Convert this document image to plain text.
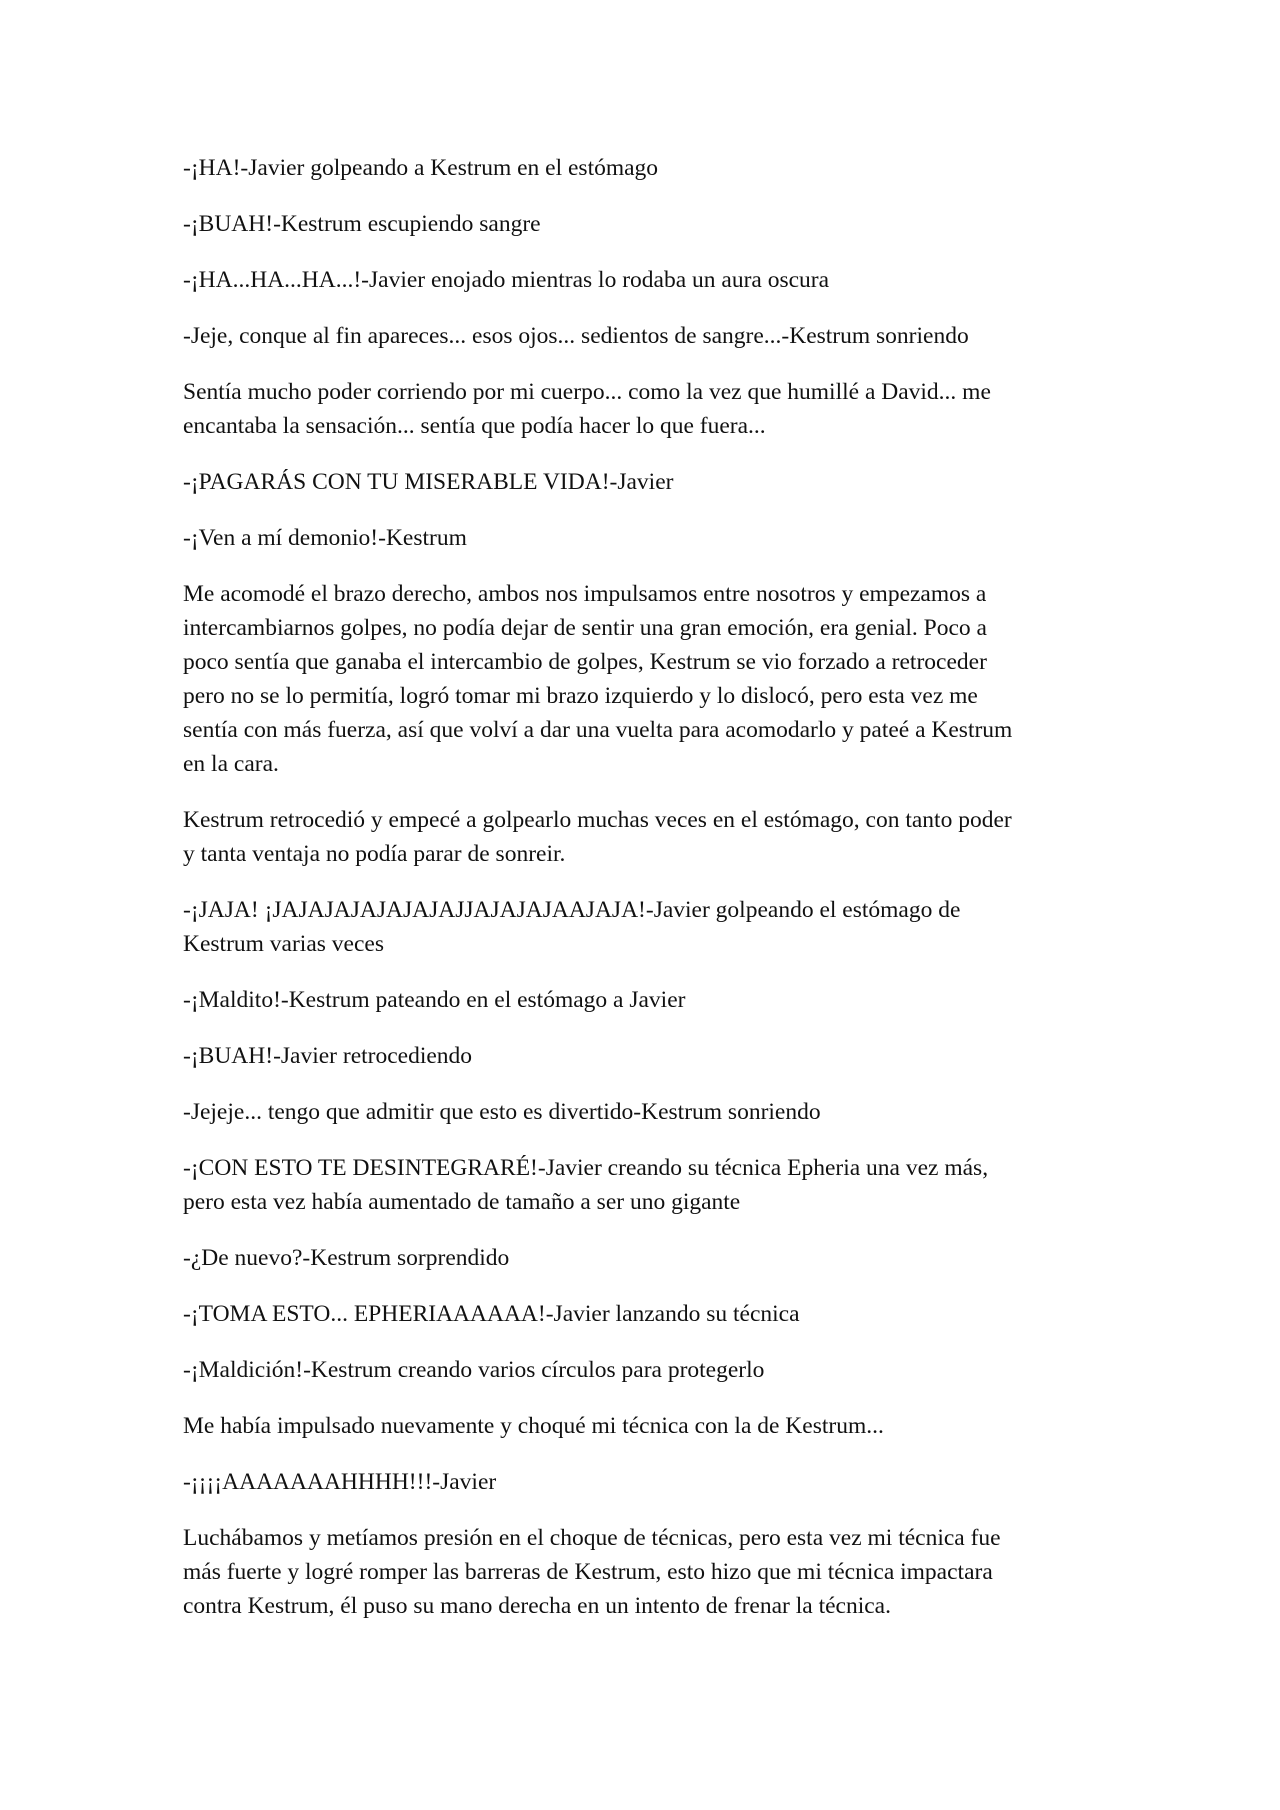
-¡HA!-Javier golpeando a Kestrum en el estómago
-¡BUAH!-Kestrum escupiendo sangre
-¡HA...HA...HA...!-Javier enojado mientras lo rodaba un aura oscura
-Jeje, conque al fin apareces... esos ojos... sedientos de sangre...-Kestrum sonriendo
Sentía mucho poder corriendo por mi cuerpo... como la vez que humillé a David... me
encantaba la sensación... sentía que podía hacer lo que fuera...
-¡PAGARÁS CON TU MISERABLE VIDA!-Javier
-¡Ven a mí demonio!-Kestrum
Me acomodé el brazo derecho, ambos nos impulsamos entre nosotros y empezamos a
intercambiarnos golpes, no podía dejar de sentir una gran emoción, era genial. Poco a
poco sentía que ganaba el intercambio de golpes, Kestrum se vio forzado a retroceder
pero no se lo permitía, logró tomar mi brazo izquierdo y lo dislocó, pero esta vez me
sentía con más fuerza, así que volví a dar una vuelta para acomodarlo y pateé a Kestrum
en la cara.
Kestrum retrocedió y empecé a golpearlo muchas veces en el estómago, con tanto poder
y tanta ventaja no podía parar de sonreir.
-¡JAJA! ¡JAJAJAJAJAJAJAJJAJAJAJAAJAJA!-Javier golpeando el estómago de
Kestrum varias veces
-¡Maldito!-Kestrum pateando en el estómago a Javier
-¡BUAH!-Javier retrocediendo
-Jejeje... tengo que admitir que esto es divertido-Kestrum sonriendo
-¡CON ESTO TE DESINTEGRARÉ!-Javier creando su técnica Epheria una vez más,
pero esta vez había aumentado de tamaño a ser uno gigante
-¿De nuevo?-Kestrum sorprendido
-¡TOMA ESTO... EPHERIAAAAAA!-Javier lanzando su técnica
-¡Maldición!-Kestrum creando varios círculos para protegerlo
Me había impulsado nuevamente y choqué mi técnica con la de Kestrum...
-¡¡¡¡AAAAAAAHHHH!!!-Javier
Luchábamos y metíamos presión en el choque de técnicas, pero esta vez mi técnica fue
más fuerte y logré romper las barreras de Kestrum, esto hizo que mi técnica impactara
contra Kestrum, él puso su mano derecha en un intento de frenar la técnica.
